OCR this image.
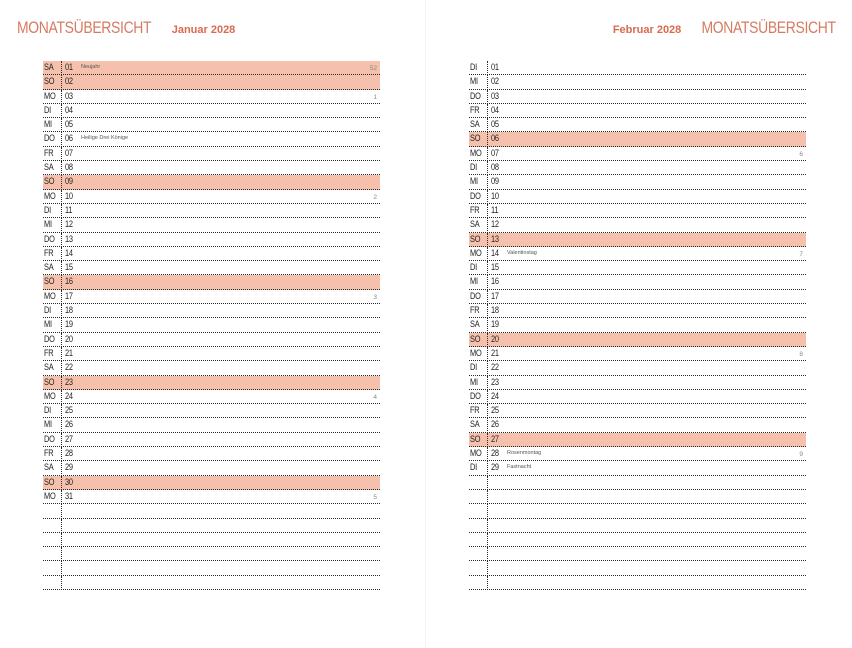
MONATSÜBERSICHT Januar 2028
SA 01 Neujahr	52
SO 02
MO 03	1
DI 04
MI 05
DO 06 Heilige Drei Könige
FR 07
SA 08
SO 09
MO 10	2
DI 11
MI 12
DO 13
FR 14
SA 15
SO 16
MO 17	3
DI 18
MI 19
DO 20
FR 21
SA 22
SO 23
MO 24	4
DI 25
MI 26
DO 27
FR 28
SA 29
SO 30
MO 31	5
Februar 2028 MONATSÜBERSICHT
DI 01
MI 02
DO 03
FR 04
SA 05
SO 06
MO 07	6
DI 08
MI 09
DO 10
FR 11
SA 12
SO 13
MO 14 Valentinstag	7
DI 15
MI 16
DO 17
FR 18
SA 19
SO 20
MO 21	8
DI 22
MI 23
DO 24
FR 25
SA 26
SO 27
MO 28 Rosenmontag	9
DI 29 Fastnacht
